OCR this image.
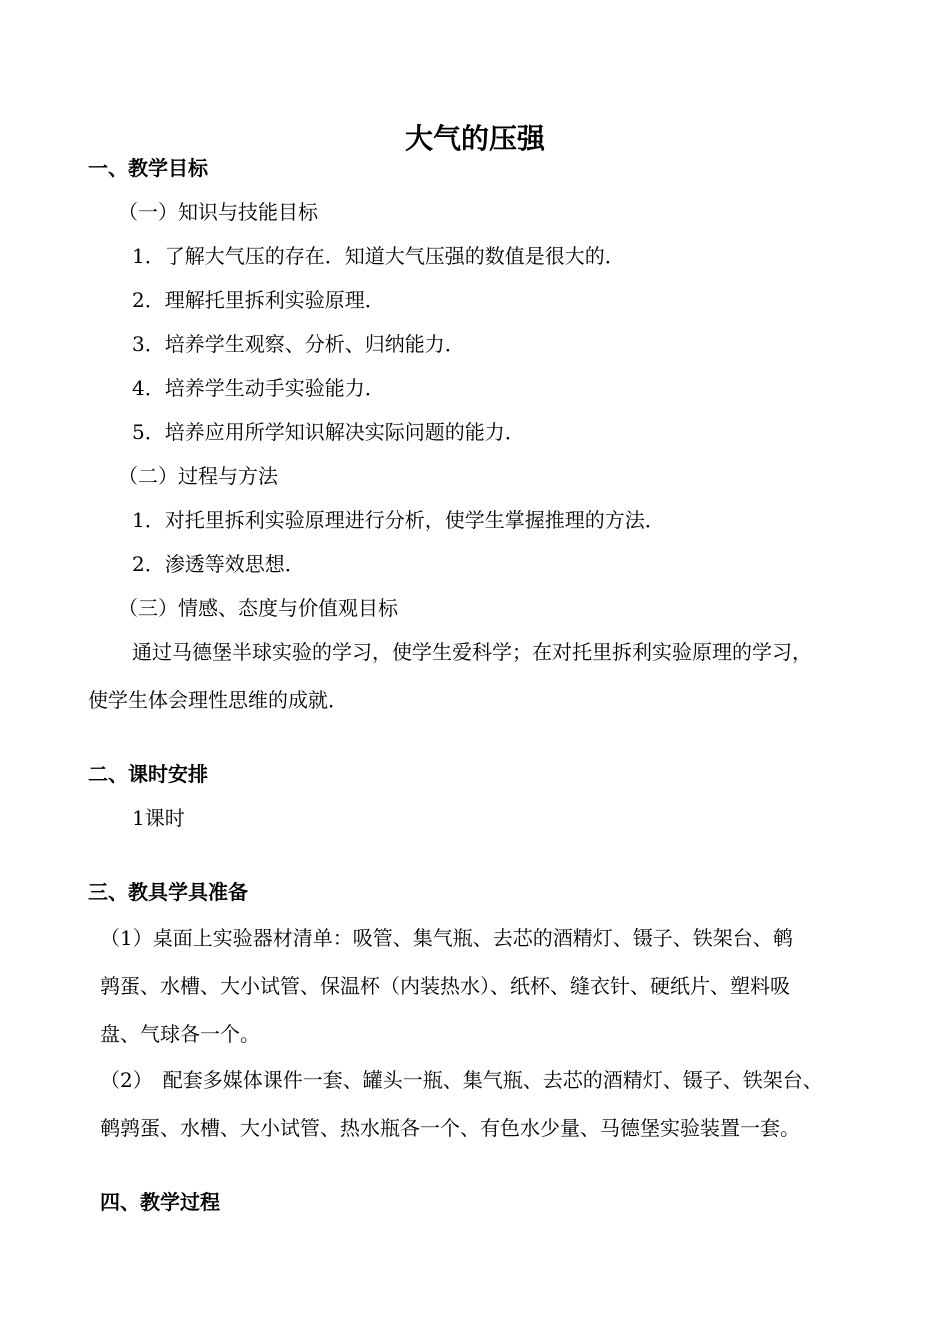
大气的压强
一、教学目标
（一）知识与技能目标
1．了解大气压的存在．知道大气压强的数值是很大的．
2．理解托里拆利实验原理．
3．培养学生观察、分析、归纳能力．
4．培养学生动手实验能力．
5．培养应用所学知识解决实际问题的能力．
（二）过程与方法
1．对托里拆利实验原理进行分析，使学生掌握推理的方法．
2．渗透等效思想．
（三）情感、态度与价值观目标
通过马德堡半球实验的学习，使学生爱科学；在对托里拆利实验原理的学习，
使学生体会理性思维的成就．
二、课时安排
1课时
三、教具学具准备
（1）桌面上实验器材清单：吸管、集气瓶、去芯的酒精灯、镊子、铁架台、鹌
鹑蛋、水槽、大小试管、保温杯（内装热水）、纸杯、缝衣针、硬纸片、塑料吸
盘、气球各一个。
（2）　配套多媒体课件一套、罐头一瓶、集气瓶、去芯的酒精灯、镊子、铁架台、
鹌鹑蛋、水槽、大小试管、热水瓶各一个、有色水少量、马德堡实验装置一套。
四、教学过程
